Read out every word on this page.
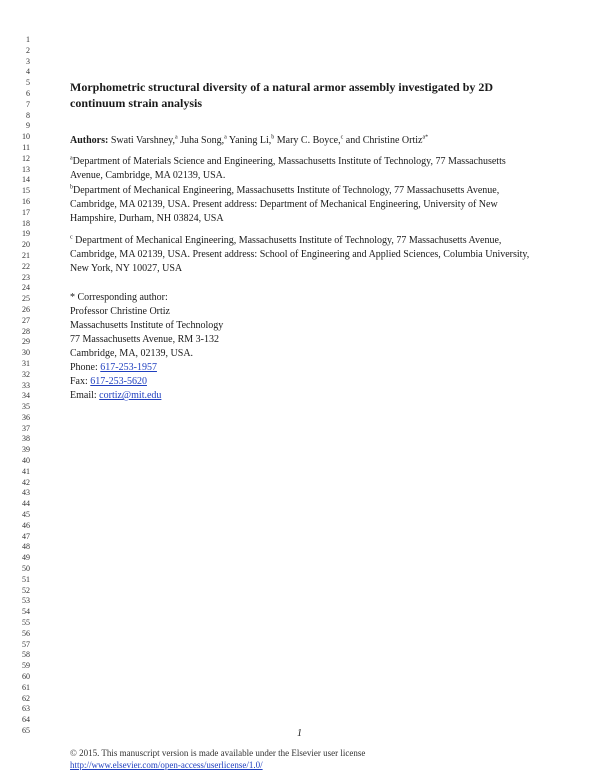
1
2
3
4
5
6
7
8
9
10
11
12
13
14
15
16
17
18
19
20
21
22
23
24
25
26
27
28
29
30
31
32
33
34
35
36
37
38
39
40
41
42
43
44
45
46
47
48
49
50
51
52
53
54
55
56
57
58
59
60
61
62
63
64
65
Morphometric structural diversity of a natural armor assembly investigated by 2D continuum strain analysis
Authors: Swati Varshney,$^a$ Juha Song,$^a$ Yaning Li,$^b$ Mary C. Boyce,$^c$ and Christine Ortiz$^{a*}$
$^a$Department of Materials Science and Engineering, Massachusetts Institute of Technology, 77 Massachusetts Avenue, Cambridge, MA 02139, USA.
$^b$Department of Mechanical Engineering, Massachusetts Institute of Technology, 77 Massachusetts Avenue, Cambridge, MA 02139, USA. Present address: Department of Mechanical Engineering, University of New Hampshire, Durham, NH 03824, USA
$^c$ Department of Mechanical Engineering, Massachusetts Institute of Technology, 77 Massachusetts Avenue, Cambridge, MA 02139, USA. Present address: School of Engineering and Applied Sciences, Columbia University, New York, NY 10027, USA
* Corresponding author:
Professor Christine Ortiz
Massachusetts Institute of Technology
77 Massachusetts Avenue, RM 3-132
Cambridge, MA, 02139, USA.
Phone: 617-253-1957
Fax: 617-253-5620
Email: cortiz@mit.edu
1
© 2015. This manuscript version is made available under the Elsevier user license
http://www.elsevier.com/open-access/userlicense/1.0/
